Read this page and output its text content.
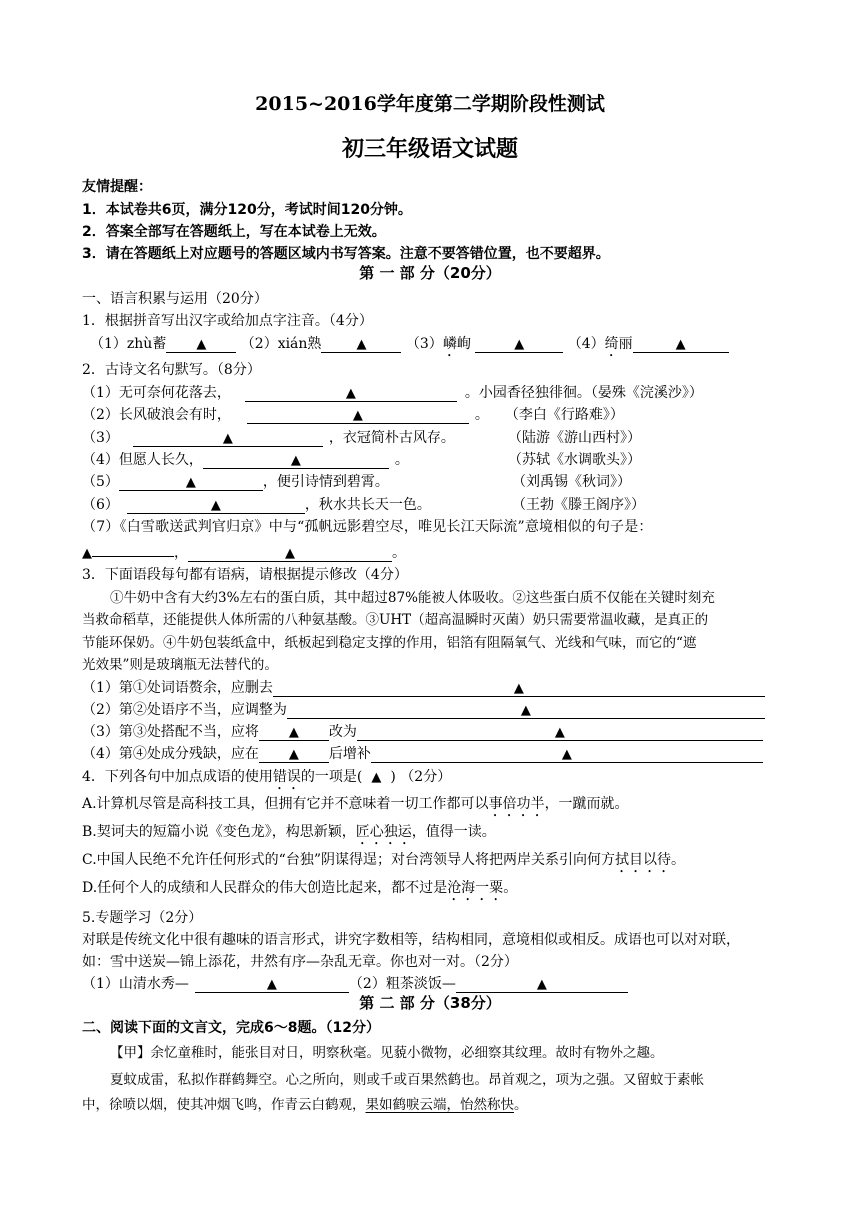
2015~2016学年度第二学期阶段性测试
初三年级语文试题
友情提醒：
1．本试卷共6页，满分120分，考试时间120分钟。
2．答案全部写在答题纸上，写在本试卷上无效。
3．请在答题纸上对应题号的答题区域内书写答案。注意不要答错位置，也不要超界。
第 一 部 分（20分）
一、语言积累与运用（20分）
1．根据拼音写出汉字或给加点字注音。（4分）
（1）zhù蓄 ▲ （2）xián熟	▲	（3）嶙峋	▲	（4）绮丽	▲
2．古诗文名句默写。（8分）
（1）无可奈何花落去，	▲	。小园香径独徘徊。（晏殊《浣溪沙》）
（2）长风破浪会有时，	▲	。 （李白《行路难》）
（3）	▲	，衣冠简朴古风存。	（陆游《游山西村》）
（4）但愿人长久，	▲	。	（苏轼《水调歌头》）
（5）	▲	，便引诗情到碧霄。	（刘禹锡《秋词》）
（6）	▲	，秋水共长天一色。	（王勃《滕王阁序》）
（7）《白雪歌送武判官归京》中与“孤帆远影碧空尽，唯见长江天际流”意境相似的句子是：
▲	，	▲	。
3．下面语段每句都有语病，请根据提示修改（4分）
①牛奶中含有大约3%左右的蛋白质，其中超过87%能被人体吸收。②这些蛋白质不仅能在关键时刻充
当救命稻草，还能提供人体所需的八种氨基酸。③UHT（超高温瞬时灭菌）奶只需要常温收藏，是真正的
节能环保奶。④牛奶包装纸盒中，纸板起到稳定支撑的作用，铝箔有阻隔氧气、光线和气味，而它的“遮
光效果”则是玻璃瓶无法替代的。
（1）第①处词语赘余，应删去	▲
（2）第②处语序不当，应调整为	▲
（3）第③处搭配不当，应将 ▲ 改为	▲
（4）第④处成分残缺，应在 ▲ 后增补	▲
4．下列各句中加点成语的使用错误的一项是( ▲ ) （2分）
A.计算机尽管是高科技工具，但拥有它并不意味着一切工作都可以事倍功半，一蹴而就。
B.契诃夫的短篇小说《变色龙》，构思新颖，匠心独运，值得一读。
C.中国人民绝不允许任何形式的“台独”阴谋得逞；对台湾领导人将把两岸关系引向何方拭目以待。
D.任何个人的成绩和人民群众的伟大创造比起来，都不过是沧海一粟。
5.专题学习（2分）
对联是传统文化中很有趣味的语言形式，讲究字数相等，结构相同，意境相似或相反。成语也可以对对联，
如：雪中送炭—锦上添花，井然有序—杂乱无章。你也对一对。（2分）
（1）山清水秀—	▲	（2）粗茶淡饭—	▲
第 二 部 分（38分）
二、阅读下面的文言文，完成6～8题。（12分）
【甲】余忆童稚时，能张目对日，明察秋毫。见藐小微物，必细察其纹理。故时有物外之趣。
夏蚊成雷，私拟作群鹤舞空。心之所向，则或千或百果然鹤也。昂首观之，项为之强。又留蚊于素帐
中，徐喷以烟，使其冲烟飞鸣，作青云白鹤观，果如鹤唳云端，怡然称快。
